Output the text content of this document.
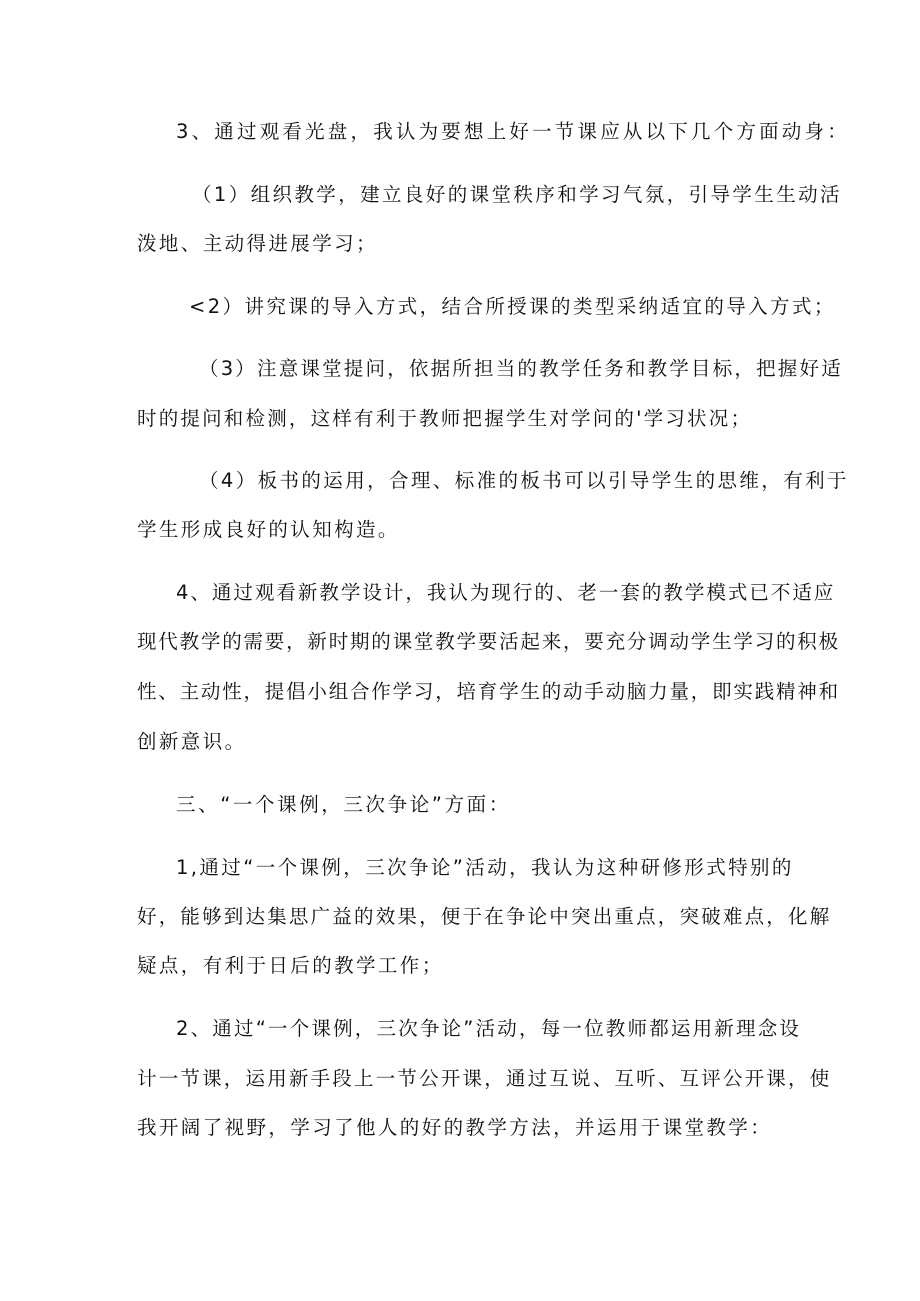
3、通过观看光盘，我认为要想上好一节课应从以下几个方面动身：
（1）组织教学，建立良好的课堂秩序和学习气氛，引导学生生动活
泼地、主动得进展学习；
<2）讲究课的导入方式，结合所授课的类型采纳适宜的导入方式；
（3）注意课堂提问，依据所担当的教学任务和教学目标，把握好适
时的提问和检测，这样有利于教师把握学生对学问的'学习状况；
（4）板书的运用，合理、标准的板书可以引导学生的思维，有利于
学生形成良好的认知构造。
4、通过观看新教学设计，我认为现行的、老一套的教学模式已不适应
现代教学的需要，新时期的课堂教学要活起来，要充分调动学生学习的积极
性、主动性，提倡小组合作学习，培育学生的动手动脑力量，即实践精神和
创新意识。
三、“一个课例，三次争论”方面：
1,通过“一个课例，三次争论”活动，我认为这种研修形式特别的
好，能够到达集思广益的效果，便于在争论中突出重点，突破难点，化解
疑点，有利于日后的教学工作；
2、通过“一个课例，三次争论”活动，每一位教师都运用新理念设
计一节课，运用新手段上一节公开课，通过互说、互听、互评公开课，使
我开阔了视野，学习了他人的好的教学方法，并运用于课堂教学：
